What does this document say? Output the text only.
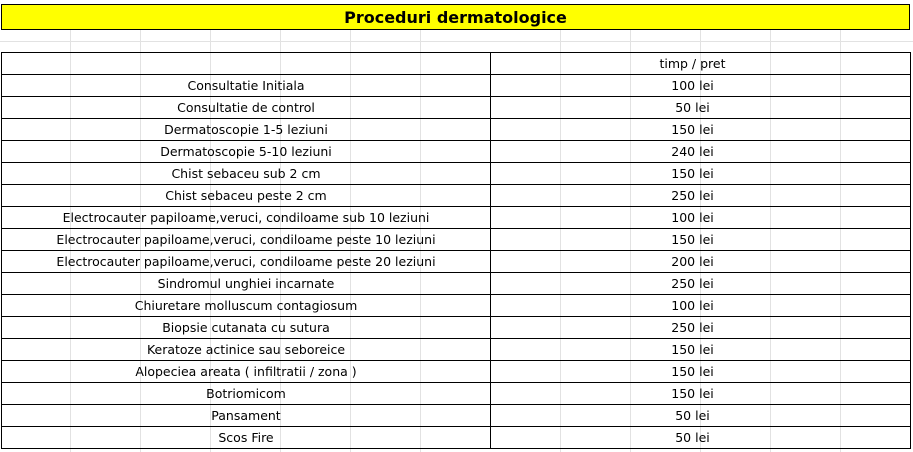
Proceduri dermatologice
	timp / pret
Consultatie Initiala	100 lei
Consultatie de control	50 lei
Dermatoscopie 1-5 leziuni	150 lei
Dermatoscopie 5-10 leziuni	240 lei
Chist sebaceu sub 2 cm	150 lei
Chist sebaceu peste 2 cm	250 lei
Electrocauter papiloame,veruci, condiloame sub 10 leziuni	100 lei
Electrocauter papiloame,veruci, condiloame peste 10 leziuni	150 lei
Electrocauter papiloame,veruci, condiloame peste 20 leziuni	200 lei
Sindromul unghiei incarnate	250 lei
Chiuretare molluscum contagiosum	100 lei
Biopsie cutanata cu sutura	250 lei
Keratoze actinice sau seboreice	150 lei
Alopeciea areata ( infiltratii / zona )	150 lei
Botriomicom	150 lei
Pansament	50 lei
Scos Fire	50 lei
